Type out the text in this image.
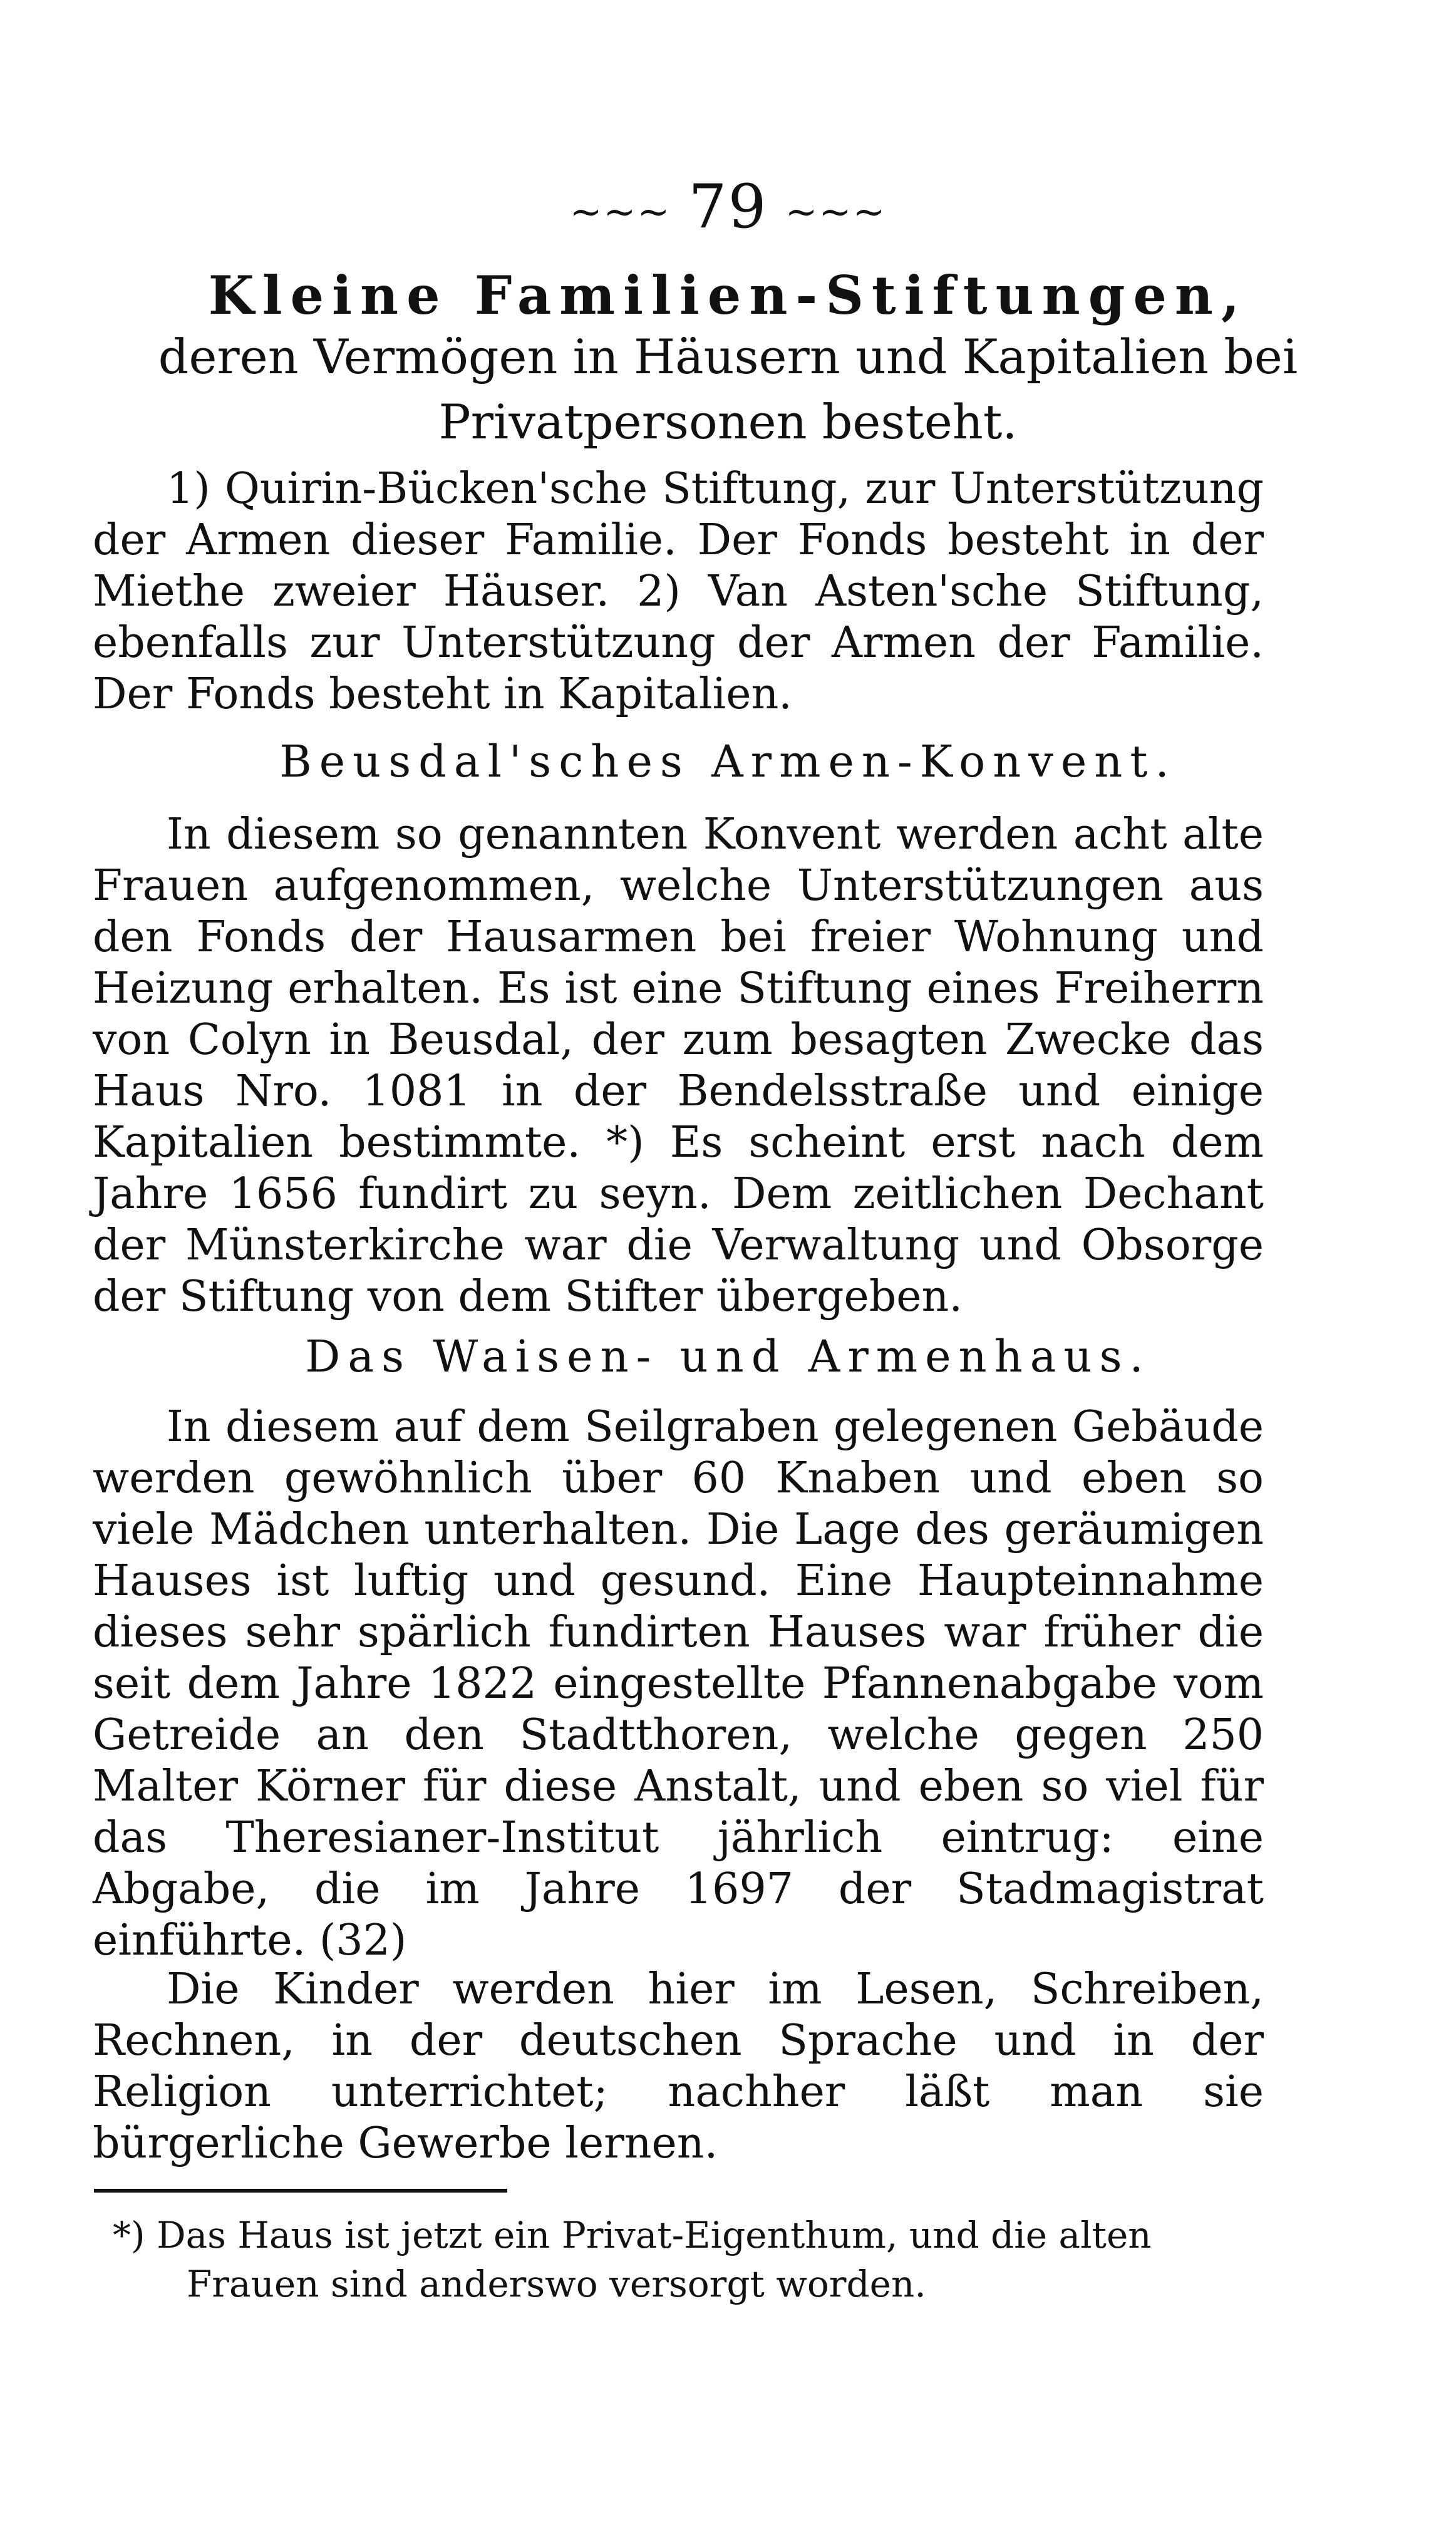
~~~ 79 ~~~
Kleine Familien-Stiftungen,
deren Vermögen in Häusern und Kapitalien bei
Privatpersonen besteht.

1) Quirin-Bücken'sche Stiftung, zur Unterstützung der Armen dieser Familie. Der Fonds besteht in der Miethe zweier Häuser. 2) Van Asten'sche Stiftung, ebenfalls zur Unterstützung der Armen der Familie. Der Fonds besteht in Kapitalien.

Beusdal'sches Armen-Konvent.

In diesem so genannten Konvent werden acht alte Frauen aufgenommen, welche Unterstützungen aus den Fonds der Hausarmen bei freier Wohnung und Heizung erhalten. Es ist eine Stiftung eines Freiherrn von Colyn in Beusdal, der zum besagten Zwecke das Haus Nro. 1081 in der Bendelsstraße und einige Kapitalien bestimmte. *) Es scheint erst nach dem Jahre 1656 fundirt zu seyn. Dem zeitlichen Dechant der Münsterkirche war die Verwaltung und Obsorge der Stiftung von dem Stifter übergeben.

Das Waisen- und Armenhaus.

In diesem auf dem Seilgraben gelegenen Gebäude werden gewöhnlich über 60 Knaben und eben so viele Mädchen unterhalten. Die Lage des geräumigen Hauses ist luftig und gesund. Eine Haupteinnahme dieses sehr spärlich fundirten Hauses war früher die seit dem Jahre 1822 eingestellte Pfannenabgabe vom Getreide an den Stadtthoren, welche gegen 250 Malter Körner für diese Anstalt, und eben so viel für das Theresianer-Institut jährlich eintrug: eine Abgabe, die im Jahre 1697 der Stadmagistrat einführte. (32)

Die Kinder werden hier im Lesen, Schreiben, Rechnen, in der deutschen Sprache und in der Religion unterrichtet; nachher läßt man sie bürgerliche Gewerbe lernen.

*) Das Haus ist jetzt ein Privat-Eigenthum, und die alten
Frauen sind anderswo versorgt worden.
